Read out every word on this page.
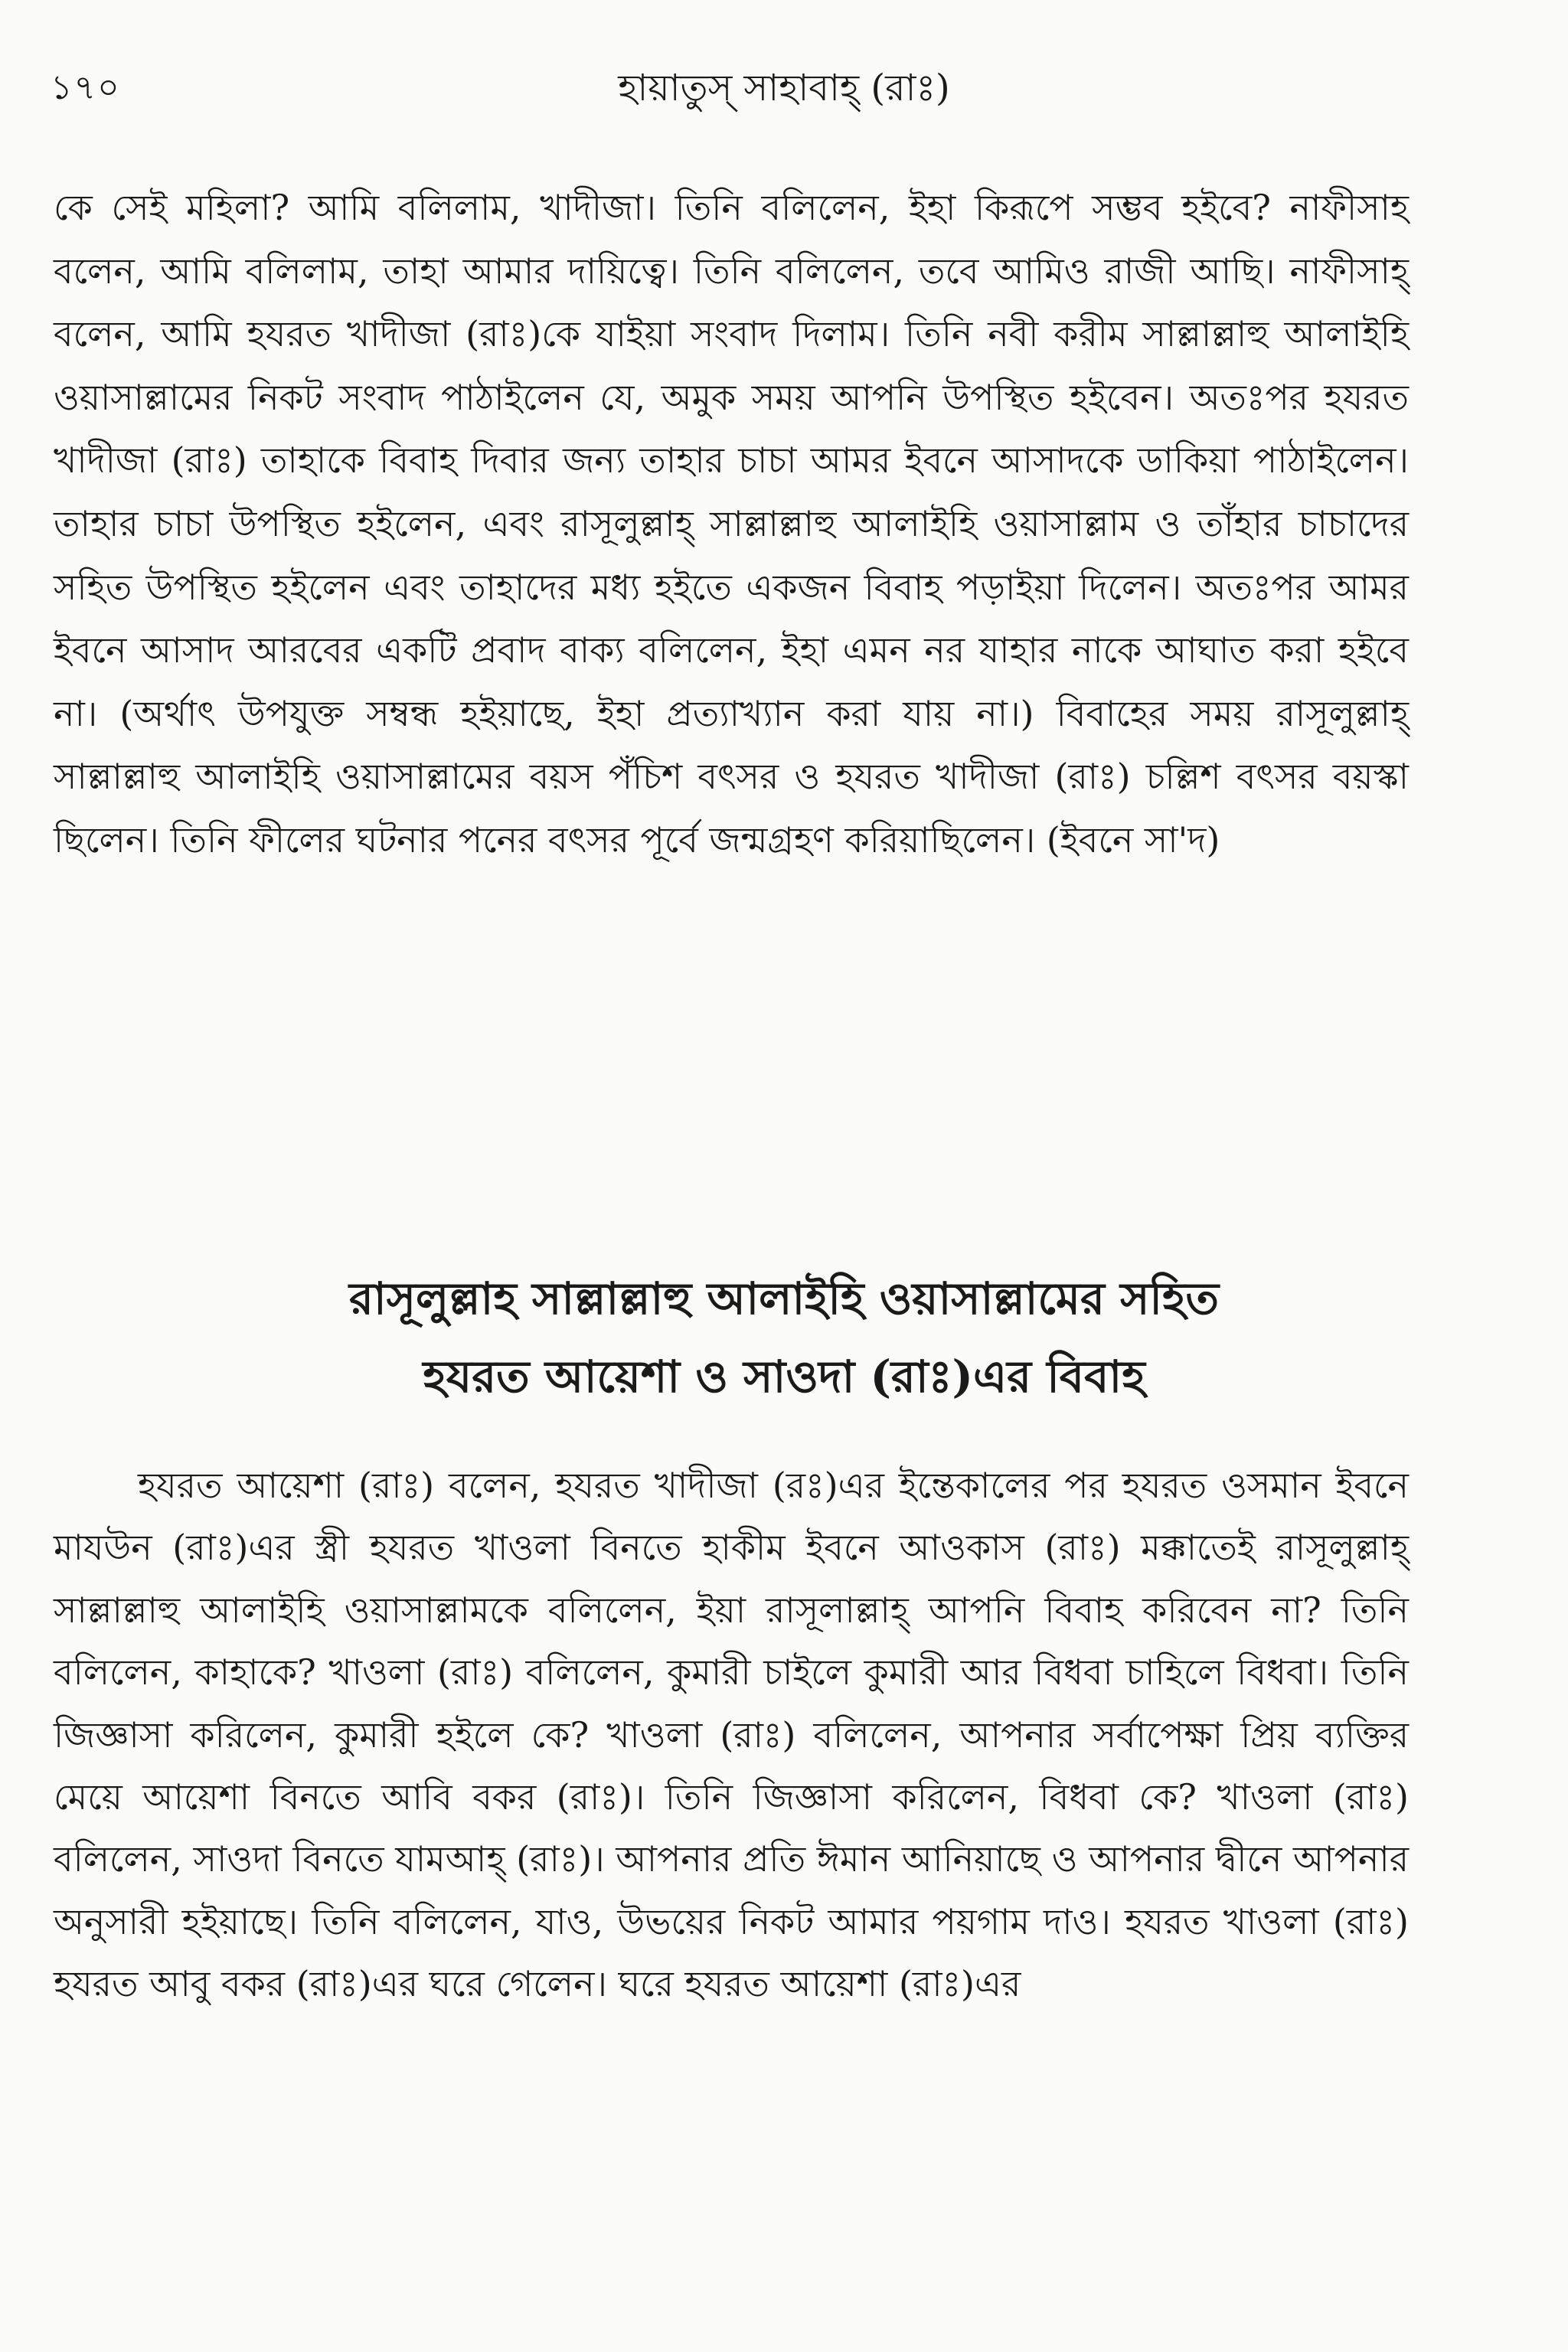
১৭০	হায়াতুস্ সাহাবাহ্ (রাঃ)

কে সেই মহিলা? আমি বলিলাম, খাদীজা। তিনি বলিলেন, ইহা কিরূপে সম্ভব হইবে? নাফীসাহ বলেন, আমি বলিলাম, তাহা আমার দায়িত্বে। তিনি বলিলেন, তবে আমিও রাজী আছি। নাফীসাহ্ বলেন, আমি হযরত খাদীজা (রাঃ)কে যাইয়া সংবাদ দিলাম। তিনি নবী করীম সাল্লাল্লাহু আলাইহি ওয়াসাল্লামের নিকট সংবাদ পাঠাইলেন যে, অমুক সময় আপনি উপস্থিত হইবেন। অতঃপর হযরত খাদীজা (রাঃ) তাহাকে বিবাহ দিবার জন্য তাহার চাচা আমর ইবনে আসাদকে ডাকিয়া পাঠাইলেন। তাহার চাচা উপস্থিত হইলেন, এবং রাসূলুল্লাহ্ সাল্লাল্লাহু আলাইহি ওয়াসাল্লাম ও তাঁহার চাচাদের সহিত উপস্থিত হইলেন এবং তাহাদের মধ্য হইতে একজন বিবাহ পড়াইয়া দিলেন। অতঃপর আমর ইবনে আসাদ আরবের একটি প্রবাদ বাক্য বলিলেন, ইহা এমন নর যাহার নাকে আঘাত করা হইবে না। (অর্থাৎ উপযুক্ত সম্বন্ধ হইয়াছে, ইহা প্রত্যাখ্যান করা যায় না।) বিবাহের সময় রাসূলুল্লাহ্ সাল্লাল্লাহু আলাইহি ওয়াসাল্লামের বয়স পঁচিশ বৎসর ও হযরত খাদীজা (রাঃ) চল্লিশ বৎসর বয়স্কা ছিলেন। তিনি ফীলের ঘটনার পনের বৎসর পূর্বে জন্মগ্রহণ করিয়াছিলেন। (ইবনে সা'দ)

রাসূলুল্লাহ সাল্লাল্লাহু আলাইহি ওয়াসাল্লামের সহিত
হযরত আয়েশা ও সাওদা (রাঃ)এর বিবাহ

হযরত আয়েশা (রাঃ) বলেন, হযরত খাদীজা (রঃ)এর ইন্তেকালের পর হযরত ওসমান ইবনে মাযউন (রাঃ)এর স্ত্রী হযরত খাওলা বিনতে হাকীম ইবনে আওকাস (রাঃ) মক্কাতেই রাসূলুল্লাহ্ সাল্লাল্লাহু আলাইহি ওয়াসাল্লামকে বলিলেন, ইয়া রাসূলাল্লাহ্ আপনি বিবাহ করিবেন না? তিনি বলিলেন, কাহাকে? খাওলা (রাঃ) বলিলেন, কুমারী চাইলে কুমারী আর বিধবা চাহিলে বিধবা। তিনি জিজ্ঞাসা করিলেন, কুমারী হইলে কে? খাওলা (রাঃ) বলিলেন, আপনার সর্বাপেক্ষা প্রিয় ব্যক্তির মেয়ে আয়েশা বিনতে আবি বকর (রাঃ)। তিনি জিজ্ঞাসা করিলেন, বিধবা কে? খাওলা (রাঃ) বলিলেন, সাওদা বিনতে যামআহ্ (রাঃ)। আপনার প্রতি ঈমান আনিয়াছে ও আপনার দ্বীনে আপনার অনুসারী হইয়াছে। তিনি বলিলেন, যাও, উভয়ের নিকট আমার পয়গাম দাও। হযরত খাওলা (রাঃ) হযরত আবু বকর (রাঃ)এর ঘরে গেলেন। ঘরে হযরত আয়েশা (রাঃ)এর
